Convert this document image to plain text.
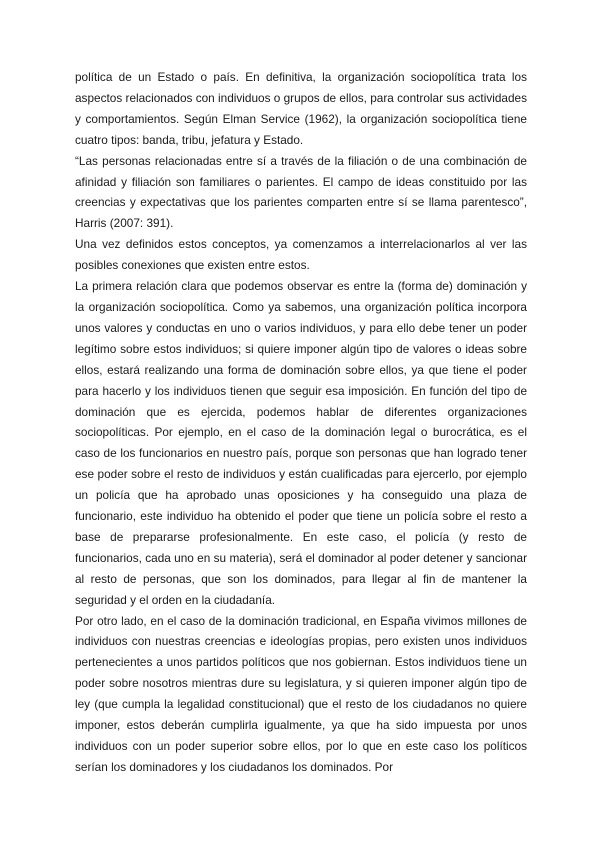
política de un Estado o país. En definitiva, la organización sociopolítica trata los aspectos relacionados con individuos o grupos de ellos, para controlar sus actividades y comportamientos. Según Elman Service (1962), la organización sociopolítica tiene cuatro tipos: banda, tribu, jefatura y Estado.

“Las personas relacionadas entre sí a través de la filiación o de una combinación de afinidad y filiación son familiares o parientes. El campo de ideas constituido por las creencias y expectativas que los parientes comparten entre sí se llama parentesco”, Harris (2007: 391).

Una vez definidos estos conceptos, ya comenzamos a interrelacionarlos al ver las posibles conexiones que existen entre estos.

La primera relación clara que podemos observar es entre la (forma de) dominación y la organización sociopolítica. Como ya sabemos, una organización política incorpora unos valores y conductas en uno o varios individuos, y para ello debe tener un poder legítimo sobre estos individuos; si quiere imponer algún tipo de valores o ideas sobre ellos, estará realizando una forma de dominación sobre ellos, ya que tiene el poder para hacerlo y los individuos tienen que seguir esa imposición. En función del tipo de dominación que es ejercida, podemos hablar de diferentes organizaciones sociopolíticas. Por ejemplo, en el caso de la dominación legal o burocrática, es el caso de los funcionarios en nuestro país, porque son personas que han logrado tener ese poder sobre el resto de individuos y están cualificadas para ejercerlo, por ejemplo un policía que ha aprobado unas oposiciones y ha conseguido una plaza de funcionario, este individuo ha obtenido el poder que tiene un policía sobre el resto a base de prepararse profesionalmente. En este caso, el policía (y resto de funcionarios, cada uno en su materia), será el dominador al poder detener y sancionar al resto de personas, que son los dominados, para llegar al fin de mantener la seguridad y el orden en la ciudadanía.

Por otro lado, en el caso de la dominación tradicional, en España vivimos millones de individuos con nuestras creencias e ideologías propias, pero existen unos individuos pertenecientes a unos partidos políticos que nos gobiernan. Estos individuos tiene un poder sobre nosotros mientras dure su legislatura, y si quieren imponer algún tipo de ley (que cumpla la legalidad constitucional) que el resto de los ciudadanos no quiere imponer, estos deberán cumplirla igualmente, ya que ha sido impuesta por unos individuos con un poder superior sobre ellos, por lo que en este caso los políticos serían los dominadores y los ciudadanos los dominados. Por
